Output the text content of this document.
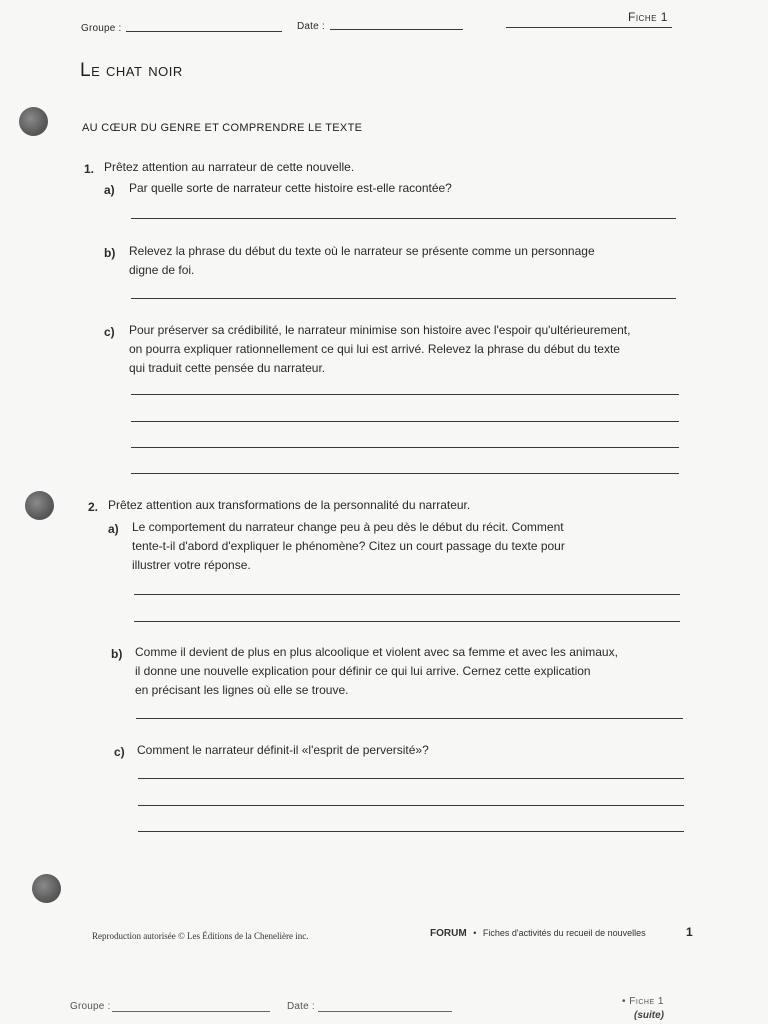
Groupe :	Date :
Fiche 1
Le chat noir
AU CŒUR DU GENRE ET COMPRENDRE LE TEXTE
1. Prêtez attention au narrateur de cette nouvelle.
a) Par quelle sorte de narrateur cette histoire est-elle racontée?
b) Relevez la phrase du début du texte où le narrateur se présente comme un personnage
digne de foi.
c) Pour préserver sa crédibilité, le narrateur minimise son histoire avec l'espoir qu'ultérieurement,
on pourra expliquer rationnellement ce qui lui est arrivé. Relevez la phrase du début du texte
qui traduit cette pensée du narrateur.
2. Prêtez attention aux transformations de la personnalité du narrateur.
a) Le comportement du narrateur change peu à peu dès le début du récit. Comment
tente-t-il d'abord d'expliquer le phénomène? Citez un court passage du texte pour
illustrer votre réponse.
b) Comme il devient de plus en plus alcoolique et violent avec sa femme et avec les animaux,
il donne une nouvelle explication pour définir ce qui lui arrive. Cernez cette explication
en précisant les lignes où elle se trouve.
c) Comment le narrateur définit-il «l'esprit de perversité»?
Reproduction autorisée © Les Éditions de la Chenelière inc.	FORUM • Fiches d'activités du recueil de nouvelles	1
Groupe :	Date :	• Fiche 1
(suite)
